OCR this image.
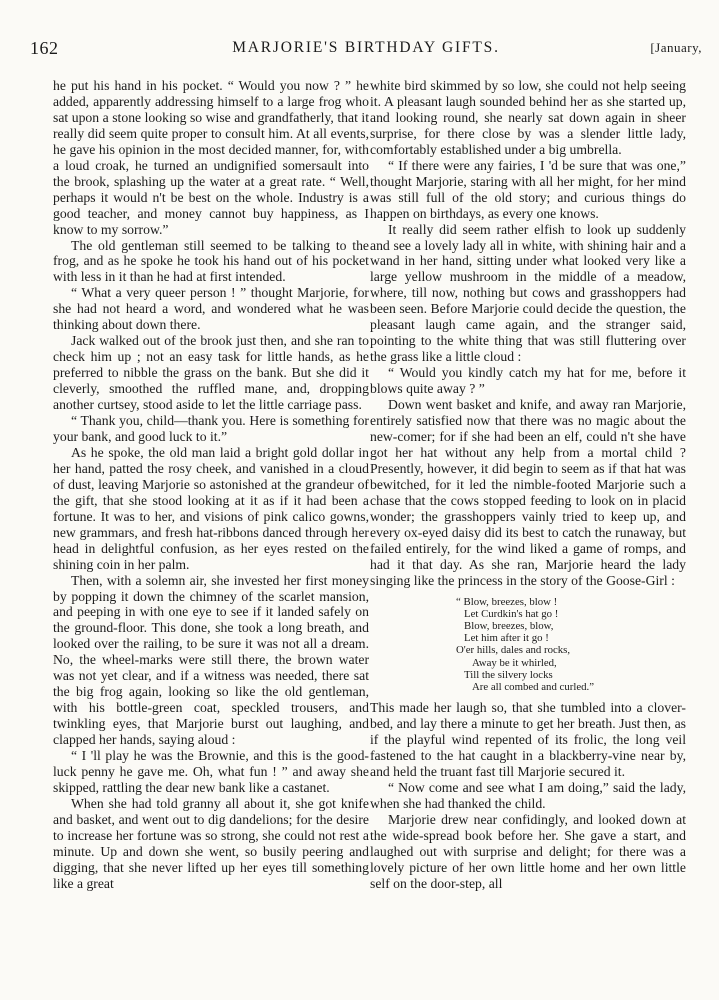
162	MARJORIE'S BIRTHDAY GIFTS.	[January,

he put his hand in his pocket. “ Would you now ? ” he added, apparently addressing himself to a large frog who sat upon a stone looking so wise and grandfatherly, that it really did seem quite proper to consult him. At all events, he gave his opinion in the most decided manner, for, with a loud croak, he turned an undignified somersault into the brook, splashing up the water at a great rate. “ Well, perhaps it would n't be best on the whole. Industry is a good teacher, and money cannot buy happiness, as I know to my sorrow.”

The old gentleman still seemed to be talking to the frog, and as he spoke he took his hand out of his pocket with less in it than he had at first intended.

“ What a very queer person ! ” thought Marjorie, for she had not heard a word, and wondered what he was thinking about down there.

Jack walked out of the brook just then, and she ran to check him up ; not an easy task for little hands, as he preferred to nibble the grass on the bank. But she did it cleverly, smoothed the ruffled mane, and, dropping another curtsey, stood aside to let the little carriage pass.

“ Thank you, child—thank you. Here is something for your bank, and good luck to it.”

As he spoke, the old man laid a bright gold dollar in her hand, patted the rosy cheek, and vanished in a cloud of dust, leaving Marjorie so astonished at the grandeur of the gift, that she stood looking at it as if it had been a fortune. It was to her, and visions of pink calico gowns, new grammars, and fresh hat-ribbons danced through her head in delightful confusion, as her eyes rested on the shining coin in her palm.

Then, with a solemn air, she invested her first money by popping it down the chimney of the scarlet mansion, and peeping in with one eye to see if it landed safely on the ground-floor. This done, she took a long breath, and looked over the railing, to be sure it was not all a dream. No, the wheel-marks were still there, the brown water was not yet clear, and if a witness was needed, there sat the big frog again, looking so like the old gentleman, with his bottle-green coat, speckled trousers, and twinkling eyes, that Marjorie burst out laughing, and clapped her hands, saying aloud :

“ I 'll play he was the Brownie, and this is the good-luck penny he gave me. Oh, what fun ! ” and away she skipped, rattling the dear new bank like a castanet.

When she had told granny all about it, she got knife and basket, and went out to dig dandelions; for the desire to increase her fortune was so strong, she could not rest a minute. Up and down she went, so busily peering and digging, that she never lifted up her eyes till something like a great

white bird skimmed by so low, she could not help seeing it. A pleasant laugh sounded behind her as she started up, and looking round, she nearly sat down again in sheer surprise, for there close by was a slender little lady, comfortably established under a big umbrella.

“ If there were any fairies, I 'd be sure that was one,” thought Marjorie, staring with all her might, for her mind was still full of the old story; and curious things do happen on birthdays, as every one knows.

It really did seem rather elfish to look up suddenly and see a lovely lady all in white, with shining hair and a wand in her hand, sitting under what looked very like a large yellow mushroom in the middle of a meadow, where, till now, nothing but cows and grasshoppers had been seen. Before Marjorie could decide the question, the pleasant laugh came again, and the stranger said, pointing to the white thing that was still fluttering over the grass like a little cloud :

“ Would you kindly catch my hat for me, before it blows quite away ? ”

Down went basket and knife, and away ran Marjorie, entirely satisfied now that there was no magic about the new-comer; for if she had been an elf, could n't she have got her hat without any help from a mortal child ? Presently, however, it did begin to seem as if that hat was bewitched, for it led the nimble-footed Marjorie such a chase that the cows stopped feeding to look on in placid wonder; the grasshoppers vainly tried to keep up, and every ox-eyed daisy did its best to catch the runaway, but failed entirely, for the wind liked a game of romps, and had it that day. As she ran, Marjorie heard the lady singing like the princess in the story of the Goose-Girl :

“ Blow, breezes, blow !
Let Curdkin's hat go !
Blow, breezes, blow,
Let him after it go !
O'er hills, dales and rocks,
Away be it whirled,
Till the silvery locks
Are all combed and curled.”

This made her laugh so, that she tumbled into a clover-bed, and lay there a minute to get her breath. Just then, as if the playful wind repented of its frolic, the long veil fastened to the hat caught in a blackberry-vine near by, and held the truant fast till Marjorie secured it.

“ Now come and see what I am doing,” said the lady, when she had thanked the child.

Marjorie drew near confidingly, and looked down at the wide-spread book before her. She gave a start, and laughed out with surprise and delight; for there was a lovely picture of her own little home and her own little self on the door-step, all
